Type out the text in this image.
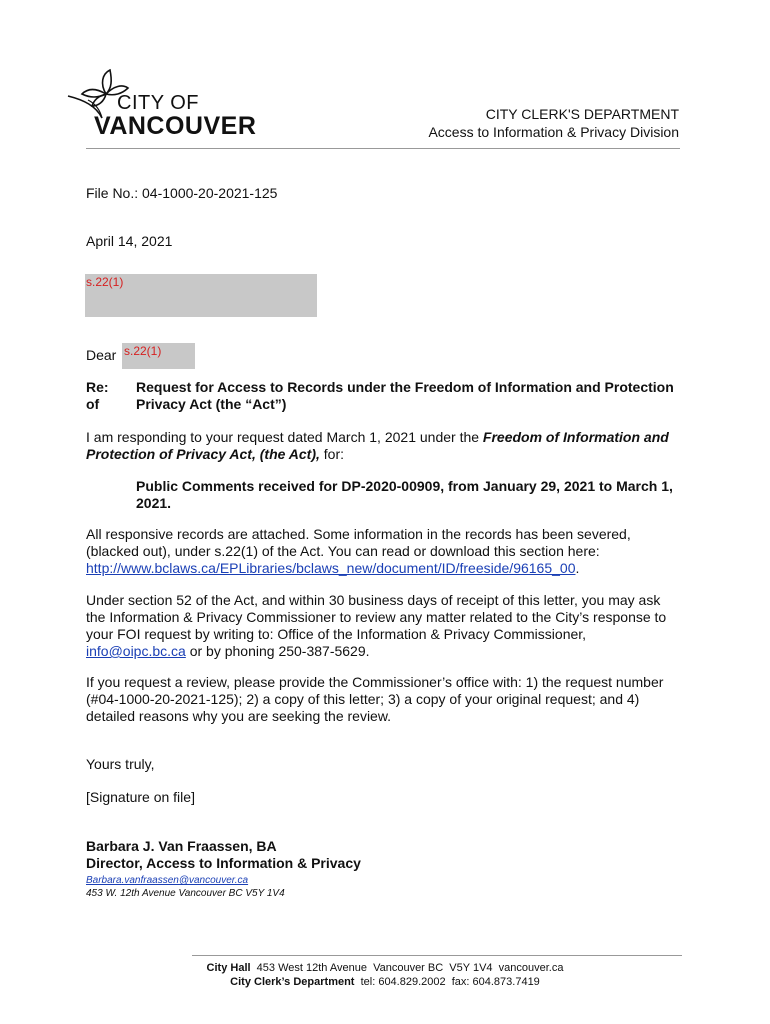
CITY OF
VANCOUVER	CITY CLERK'S DEPARTMENT
Access to Information & Privacy Division
File No.: 04-1000-20-2021-125
April 14, 2021
s.22(1)
Dear s.22(1)
Re:
of
Request for Access to Records under the Freedom of Information and Protection
Privacy Act (the “Act”)
I am responding to your request dated March 1, 2021 under the Freedom of Information and
Protection of Privacy Act, (the Act), for:
Public Comments received for DP-2020-00909, from January 29, 2021 to March 1,
2021.
All responsive records are attached. Some information in the records has been severed,
(blacked out), under s.22(1) of the Act. You can read or download this section here:
http://www.bclaws.ca/EPLibraries/bclaws_new/document/ID/freeside/96165_00.
Under section 52 of the Act, and within 30 business days of receipt of this letter, you may ask
the Information & Privacy Commissioner to review any matter related to the City’s response to
your FOI request by writing to: Office of the Information & Privacy Commissioner,
info@oipc.bc.ca or by phoning 250-387-5629.
If you request a review, please provide the Commissioner’s office with: 1) the request number
(#04-1000-20-2021-125); 2) a copy of this letter; 3) a copy of your original request; and 4)
detailed reasons why you are seeking the review.
Yours truly,
[Signature on file]
Barbara J. Van Fraassen, BA
Director, Access to Information & Privacy
Barbara.vanfraassen@vancouver.ca
453 W. 12th Avenue Vancouver BC V5Y 1V4
City Hall  453 West 12th Avenue  Vancouver BC  V5Y 1V4  vancouver.ca
City Clerk’s Department  tel: 604.829.2002  fax: 604.873.7419
